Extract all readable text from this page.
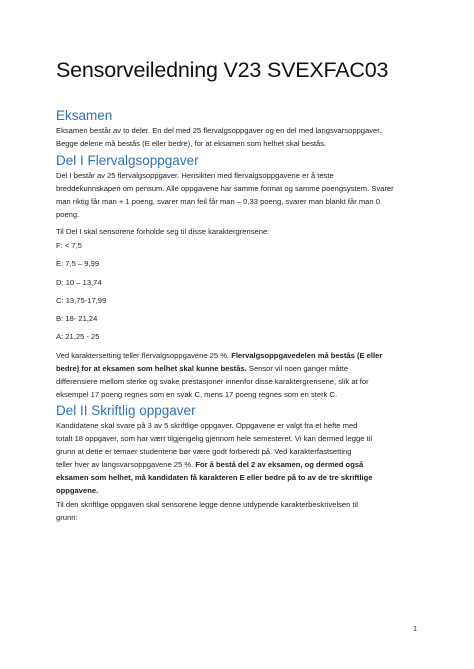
Sensorveiledning V23 SVEXFAC03
Eksamen
Eksamen består av to deler. En del med 25 flervalgsoppgaver og en del med langsvarsoppgaver.
Begge delene må bestås (E eller bedre), for at eksamen som helhet skal bestås.
Del I Flervalgsoppgaver
Del I består av 25 flervalgsoppgaver. Hensikten med flervalgsoppgavene er å teste
breddekunnskapen om pensum. Alle oppgavene har samme format og samme poengsystem. Svarer
man riktig får man + 1 poeng, svarer man feil får man – 0,33 poeng, svarer man blankt får man 0
poeng.
Til Del I skal sensorene forholde seg til disse karaktergrensene:
F: < 7,5
E: 7,5 – 9,99
D: 10 – 13,74
C: 13,75-17,99
B: 18- 21,24
A: 21,25 - 25
Ved karaktersetting teller flervalgsoppgavene 25 %. Flervalgsoppgavedelen må bestås (E eller
bedre) for at eksamen som helhet skal kunne bestås. Sensor vil noen ganger måtte
differensiere mellom sterke og svake prestasjoner innenfor disse karaktergrensene, slik at for
eksempel 17 poeng regnes som en svak C, mens 17 poeng regnes som en sterk C.
Del II Skriftlig oppgaver
Kandidatene skal svare på 3 av 5 skriftlige oppgaver. Oppgavene er valgt fra et hefte med
totalt 18 oppgaver, som har vært tilgjengelig gjennom hele semesteret. Vi kan dermed legge til
grunn at dette er temaer studentene bør være godt forberedt på. Ved karakterfastsetting
teller hver av langsvarsoppgavene 25 %. For å bestå del 2 av eksamen, og dermed også
eksamen som helhet, må kandidaten få karakteren E eller bedre på to av de tre skriftlige
oppgavene.
Til den skriftlige oppgaven skal sensorene legge denne utdypende karakterbeskrivelsen til
grunn:
1
